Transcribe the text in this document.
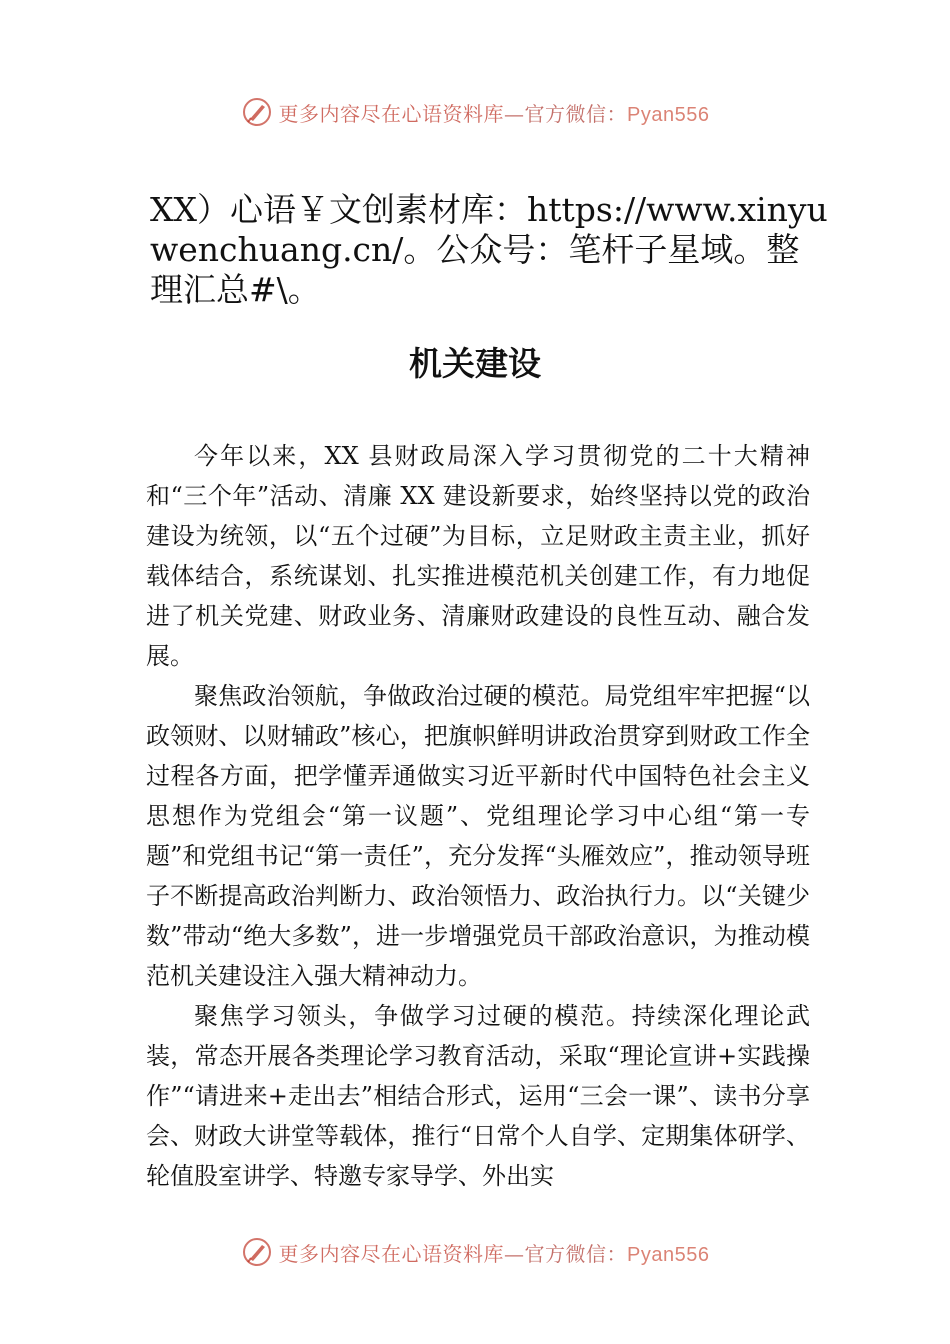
更多内容尽在心语资料库—官方微信：Pyan556
XX）心语￥文创素材库：https://www.xinyuwenchuang.cn/。公众号：笔杆子星域。整理汇总#\。
机关建设

今年以来，XX 县财政局深入学习贯彻党的二十大精神和“三个年”活动、清廉 XX 建设新要求，始终坚持以党的政治建设为统领，以“五个过硬”为目标，立足财政主责主业，抓好载体结合，系统谋划、扎实推进模范机关创建工作，有力地促进了机关党建、财政业务、清廉财政建设的良性互动、融合发展。

聚焦政治领航，争做政治过硬的模范。局党组牢牢把握“以政领财、以财辅政”核心，把旗帜鲜明讲政治贯穿到财政工作全过程各方面，把学懂弄通做实习近平新时代中国特色社会主义思想作为党组会“第一议题”、党组理论学习中心组“第一专题”和党组书记“第一责任”，充分发挥“头雁效应”，推动领导班子不断提高政治判断力、政治领悟力、政治执行力。以“关键少数”带动“绝大多数”，进一步增强党员干部政治意识，为推动模范机关建设注入强大精神动力。

聚焦学习领头，争做学习过硬的模范。持续深化理论武装，常态开展各类理论学习教育活动，采取“理论宣讲+实践操作”“请进来+走出去”相结合形式，运用“三会一课”、读书分享会、财政大讲堂等载体，推行“日常个人自学、定期集体研学、轮值股室讲学、特邀专家导学、外出实

更多内容尽在心语资料库—官方微信：Pyan556
